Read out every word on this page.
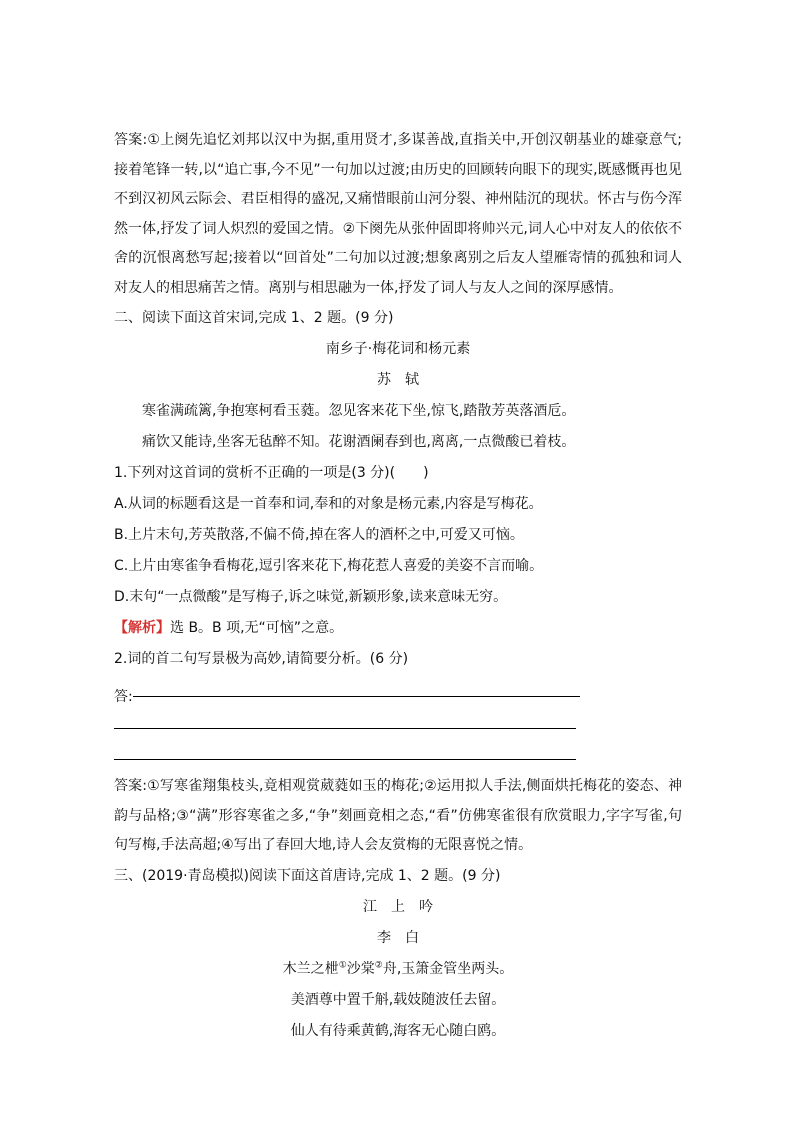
答案:①上阕先追忆刘邦以汉中为据,重用贤才,多谋善战,直指关中,开创汉朝基业的雄豪意气;接着笔锋一转,以“追亡事,今不见”一句加以过渡;由历史的回顾转向眼下的现实,既感慨再也见不到汉初风云际会、君臣相得的盛况,又痛惜眼前山河分裂、神州陆沉的现状。怀古与伤今浑然一体,抒发了词人炽烈的爱国之情。②下阕先从张仲固即将帅兴元,词人心中对友人的依依不舍的沉恨离愁写起;接着以“回首处”二句加以过渡;想象离别之后友人望雁寄情的孤独和词人对友人的相思痛苦之情。离别与相思融为一体,抒发了词人与友人之间的深厚感情。

二、阅读下面这首宋词,完成 1、2 题。(9 分)

南乡子·梅花词和杨元素

苏　轼

寒雀满疏篱,争抱寒柯看玉蕤。忽见客来花下坐,惊飞,踏散芳英落酒卮。

痛饮又能诗,坐客无毡醉不知。花谢酒阑春到也,离离,一点微酸已着枝。

1.下列对这首词的赏析不正确的一项是(3 分)(　　)

A.从词的标题看这是一首奉和词,奉和的对象是杨元素,内容是写梅花。

B.上片末句,芳英散落,不偏不倚,掉在客人的酒杯之中,可爱又可恼。

C.上片由寒雀争看梅花,逗引客来花下,梅花惹人喜爱的美姿不言而喻。

D.末句“一点微酸”是写梅子,诉之味觉,新颖形象,读来意味无穷。

【解析】选 B。B 项,无“可恼”之意。

2.词的首二句写景极为高妙,请简要分析。(6 分)

答:

答案:①写寒雀翔集枝头,竟相观赏葳蕤如玉的梅花;②运用拟人手法,侧面烘托梅花的姿态、神韵与品格;③“满”形容寒雀之多,“争”刻画竟相之态,“看”仿佛寒雀很有欣赏眼力,字字写雀,句句写梅,手法高超;④写出了春回大地,诗人会友赏梅的无限喜悦之情。

三、(2019·青岛模拟)阅读下面这首唐诗,完成 1、2 题。(9 分)

江　上　吟

李　白

木兰之枻①沙棠②舟,玉箫金管坐两头。

美酒尊中置千斛,载妓随波任去留。

仙人有待乘黄鹤,海客无心随白鸥。
